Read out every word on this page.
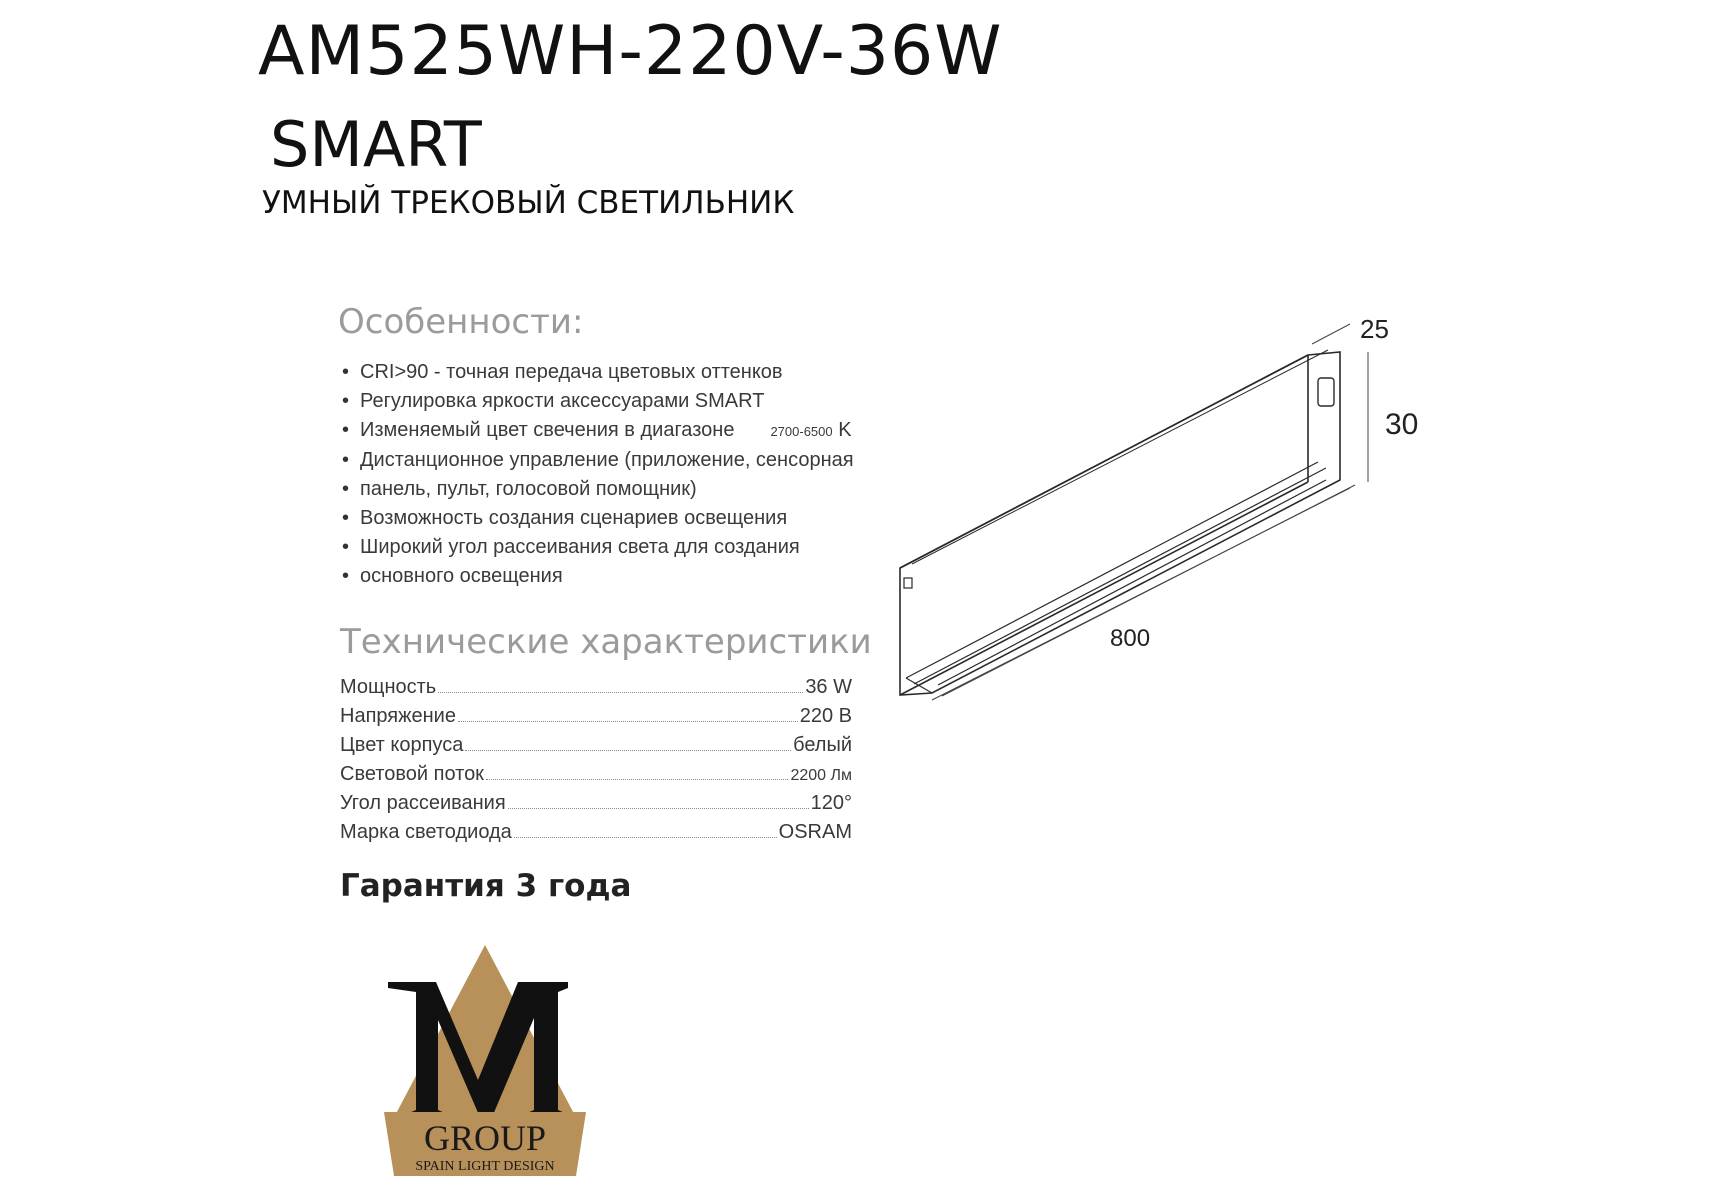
AM525WH-220V-36W
SMART
УМНЫЙ ТРЕКОВЫЙ СВЕТИЛЬНИК
Особенности:
• CRI>90 - точная передача цветовых оттенков
• Регулировка яркости аксессуарами SMART
• Изменяемый цвет свечения в диагазоне	2700-6500 K
• Дистанционное управление (приложение, сенсорная
• панель, пульт, голосовой помощник)
• Возможность создания сценариев освещения
• Широкий угол рассеивания света для создания
• основного освещения
Технические характеристики
Мощность	36 W
Напряжение	220 В
Цвет корпуса	белый
Световой поток	2200 Лм
Угол рассеивания	120°
Марка светодиода	OSRAM
Гарантия 3 года
25
30
800
GROUP
SPAIN LIGHT DESIGN
